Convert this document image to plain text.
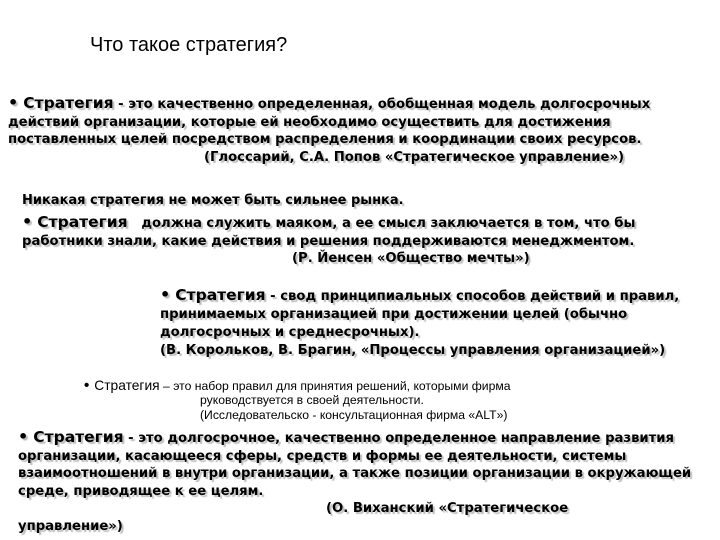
Что такое стратегия?
• Стратегия - это качественно определенная, обобщенная модель долгосрочных действий организации, которые ей необходимо осуществить для достижения поставленных целей посредством распределения и координации своих ресурсов.
(Глоссарий, С.А. Попов «Стратегическое управление»)
Никакая стратегия не может быть сильнее рынка.
• Стратегия   должна служить маяком, а ее смысл заключается в том, что бы работники знали, какие действия и решения поддерживаются менеджментом.
(Р. Йенсен «Общество мечты»)
• Стратегия - свод принципиальных способов действий и правил, принимаемых организацией при достижении целей (обычно долгосрочных и среднесрочных).
(В. Корольков, В. Брагин, «Процессы управления организацией»)
• Стратегия – это набор правил для принятия решений, которыми фирма
руководствуется в своей деятельности.
(Исследовательско - консультационная фирма «ALT»)
• Стратегия - это долгосрочное, качественно определенное направление развития организации, касающееся сферы, средств и формы ее деятельности, системы взаимоотношений в внутри организации, а также позиции организации в окружающей среде, приводящее к ее целям.
(О. Виханский «Стратегическое
управление»)
